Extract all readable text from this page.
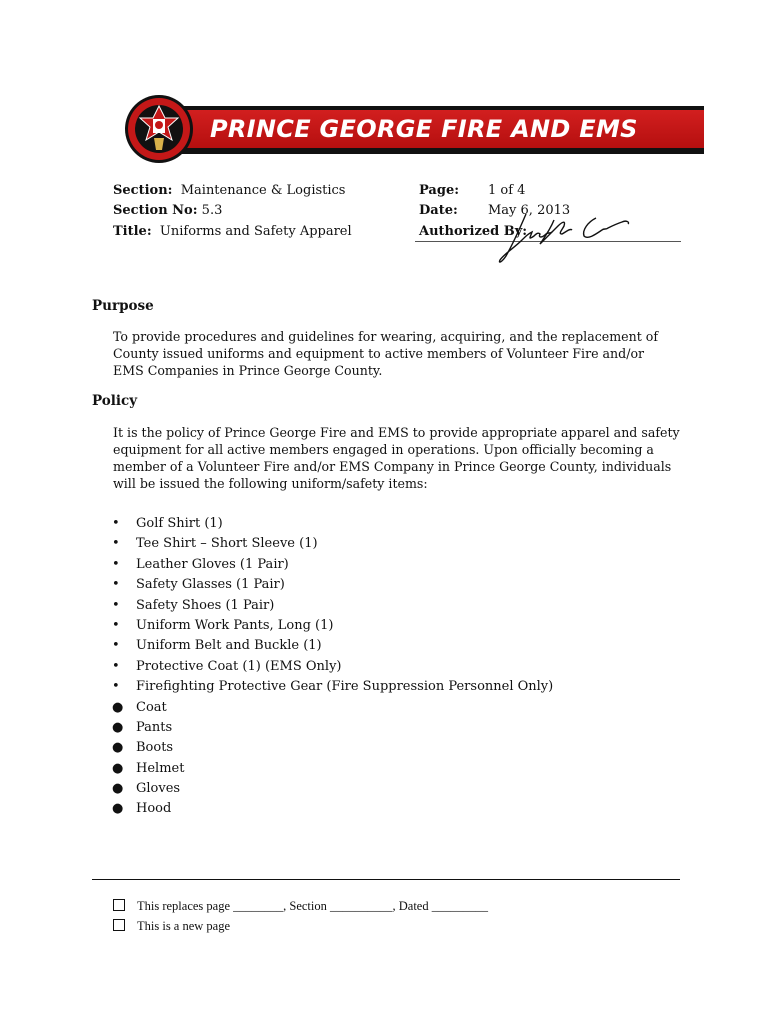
PRINCE GEORGE FIRE AND EMS
Section: Maintenance & Logistics
Section No: 5.3
Title: Uniforms and Safety Apparel
Page: 1 of 4
Date: May 6, 2013
Authorized By:
Purpose
To provide procedures and guidelines for wearing, acquiring, and the replacement of
County issued uniforms and equipment to active members of Volunteer Fire and/or
EMS Companies in Prince George County.
Policy
It is the policy of Prince George Fire and EMS to provide appropriate apparel and safety
equipment for all active members engaged in operations. Upon officially becoming a
member of a Volunteer Fire and/or EMS Company in Prince George County, individuals
will be issued the following uniform/safety items:
• Golf Shirt (1)
• Tee Shirt – Short Sleeve (1)
• Leather Gloves (1 Pair)
• Safety Glasses (1 Pair)
• Safety Shoes (1 Pair)
• Uniform Work Pants, Long (1)
• Uniform Belt and Buckle (1)
• Protective Coat (1) (EMS Only)
• Firefighting Protective Gear (Fire Suppression Personnel Only)
● Coat
● Pants
● Boots
● Helmet
● Gloves
● Hood
This replaces page ________, Section __________, Dated _________
This is a new page
